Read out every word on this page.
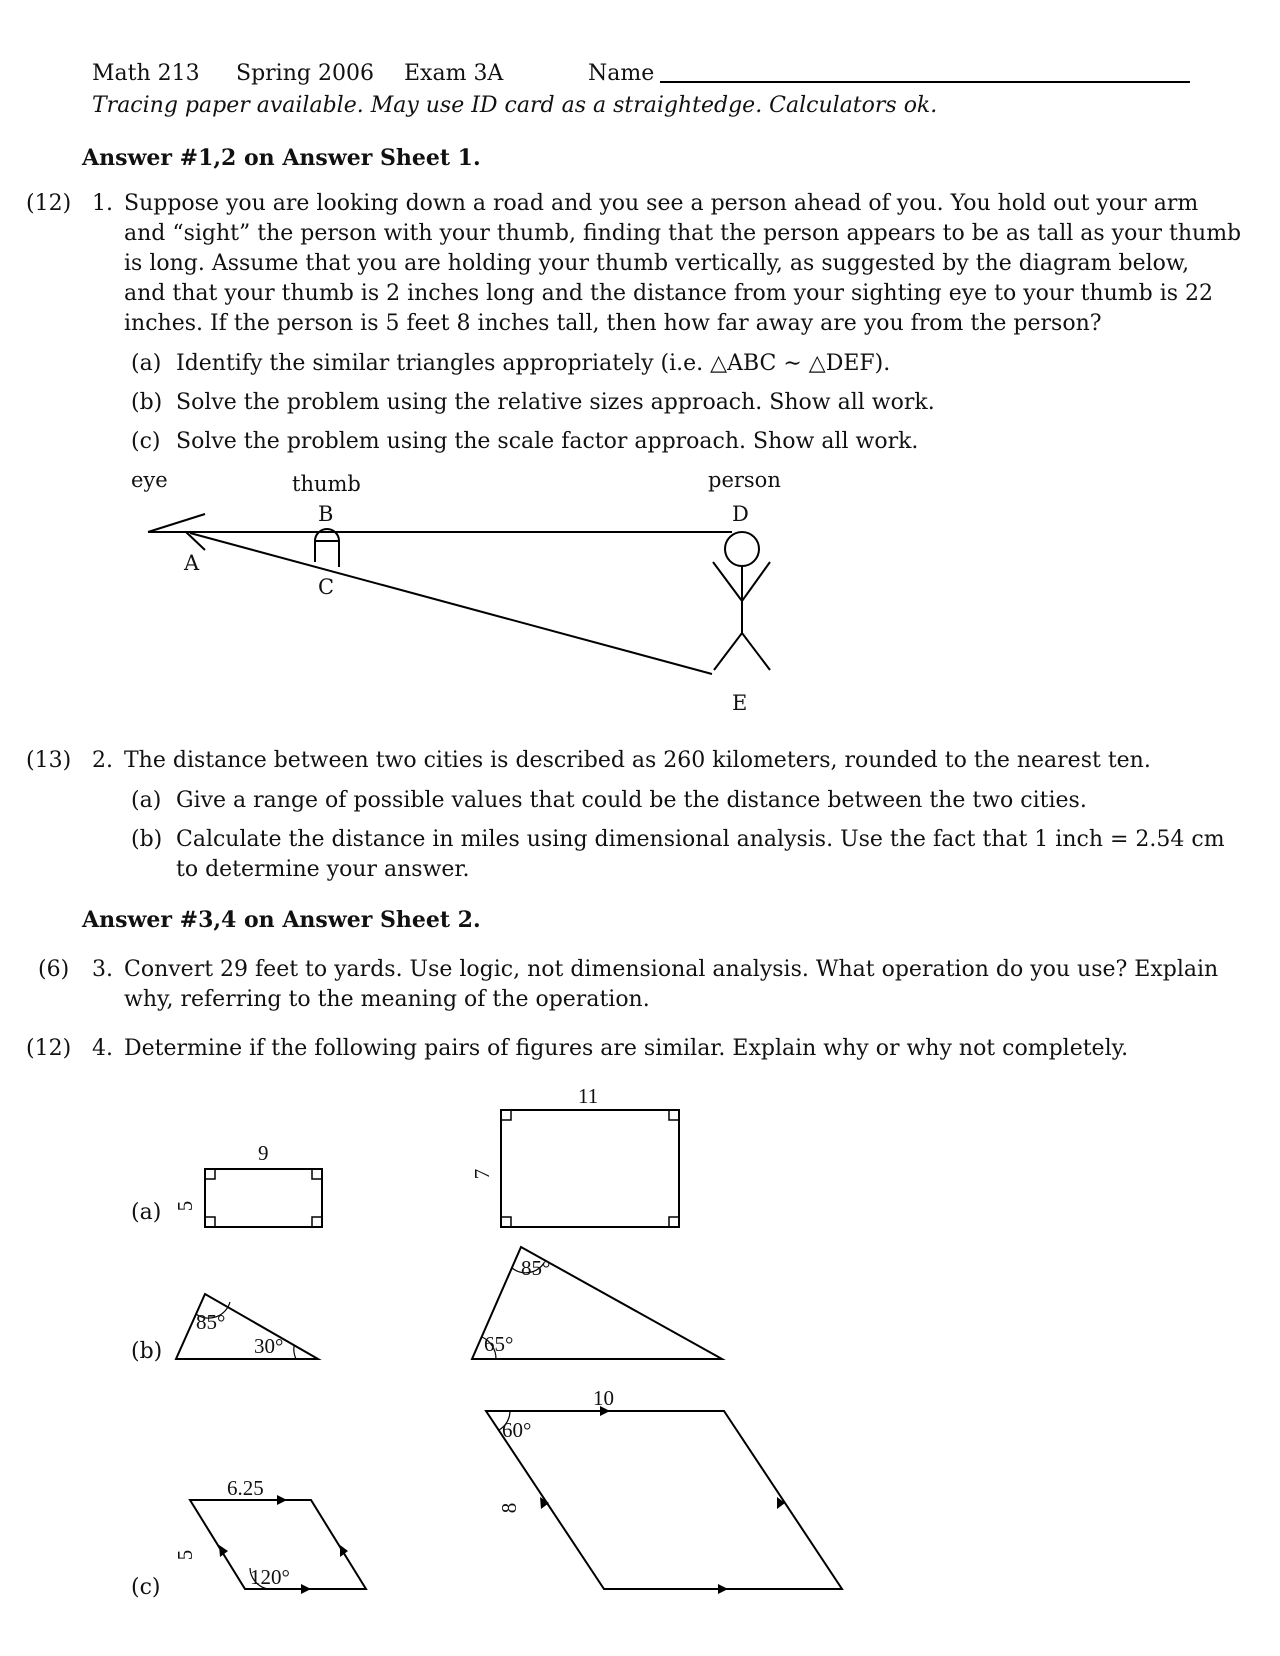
Math 213 Spring 2006 Exam 3A	Name
Tracing paper available. May use ID card as a straightedge. Calculators ok.
Answer #1,2 on Answer Sheet 1.
(12) 1. Suppose you are looking down a road and you see a person ahead of you. You hold out your arm
and “sight” the person with your thumb, finding that the person appears to be as tall as your thumb
is long. Assume that you are holding your thumb vertically, as suggested by the diagram below,
and that your thumb is 2 inches long and the distance from your sighting eye to your thumb is 22
inches. If the person is 5 feet 8 inches tall, then how far away are you from the person?
(a) Identify the similar triangles appropriately (i.e. △ABC ∼ △DEF).
(b) Solve the problem using the relative sizes approach. Show all work.
(c) Solve the problem using the scale factor approach. Show all work.
eye	thumb	person
B	D
A
C
E
9
5
11
7
85°
30°
85°
65°
6.25
5
120°
10
8
60°
(13) 2. The distance between two cities is described as 260 kilometers, rounded to the nearest ten.
(a) Give a range of possible values that could be the distance between the two cities.
(b) Calculate the distance in miles using dimensional analysis. Use the fact that 1 inch = 2.54 cm
to determine your answer.
Answer #3,4 on Answer Sheet 2.
(6) 3. Convert 29 feet to yards. Use logic, not dimensional analysis. What operation do you use? Explain
why, referring to the meaning of the operation.
(12) 4. Determine if the following pairs of figures are similar. Explain why or why not completely.
(a)
(b)
(c)
